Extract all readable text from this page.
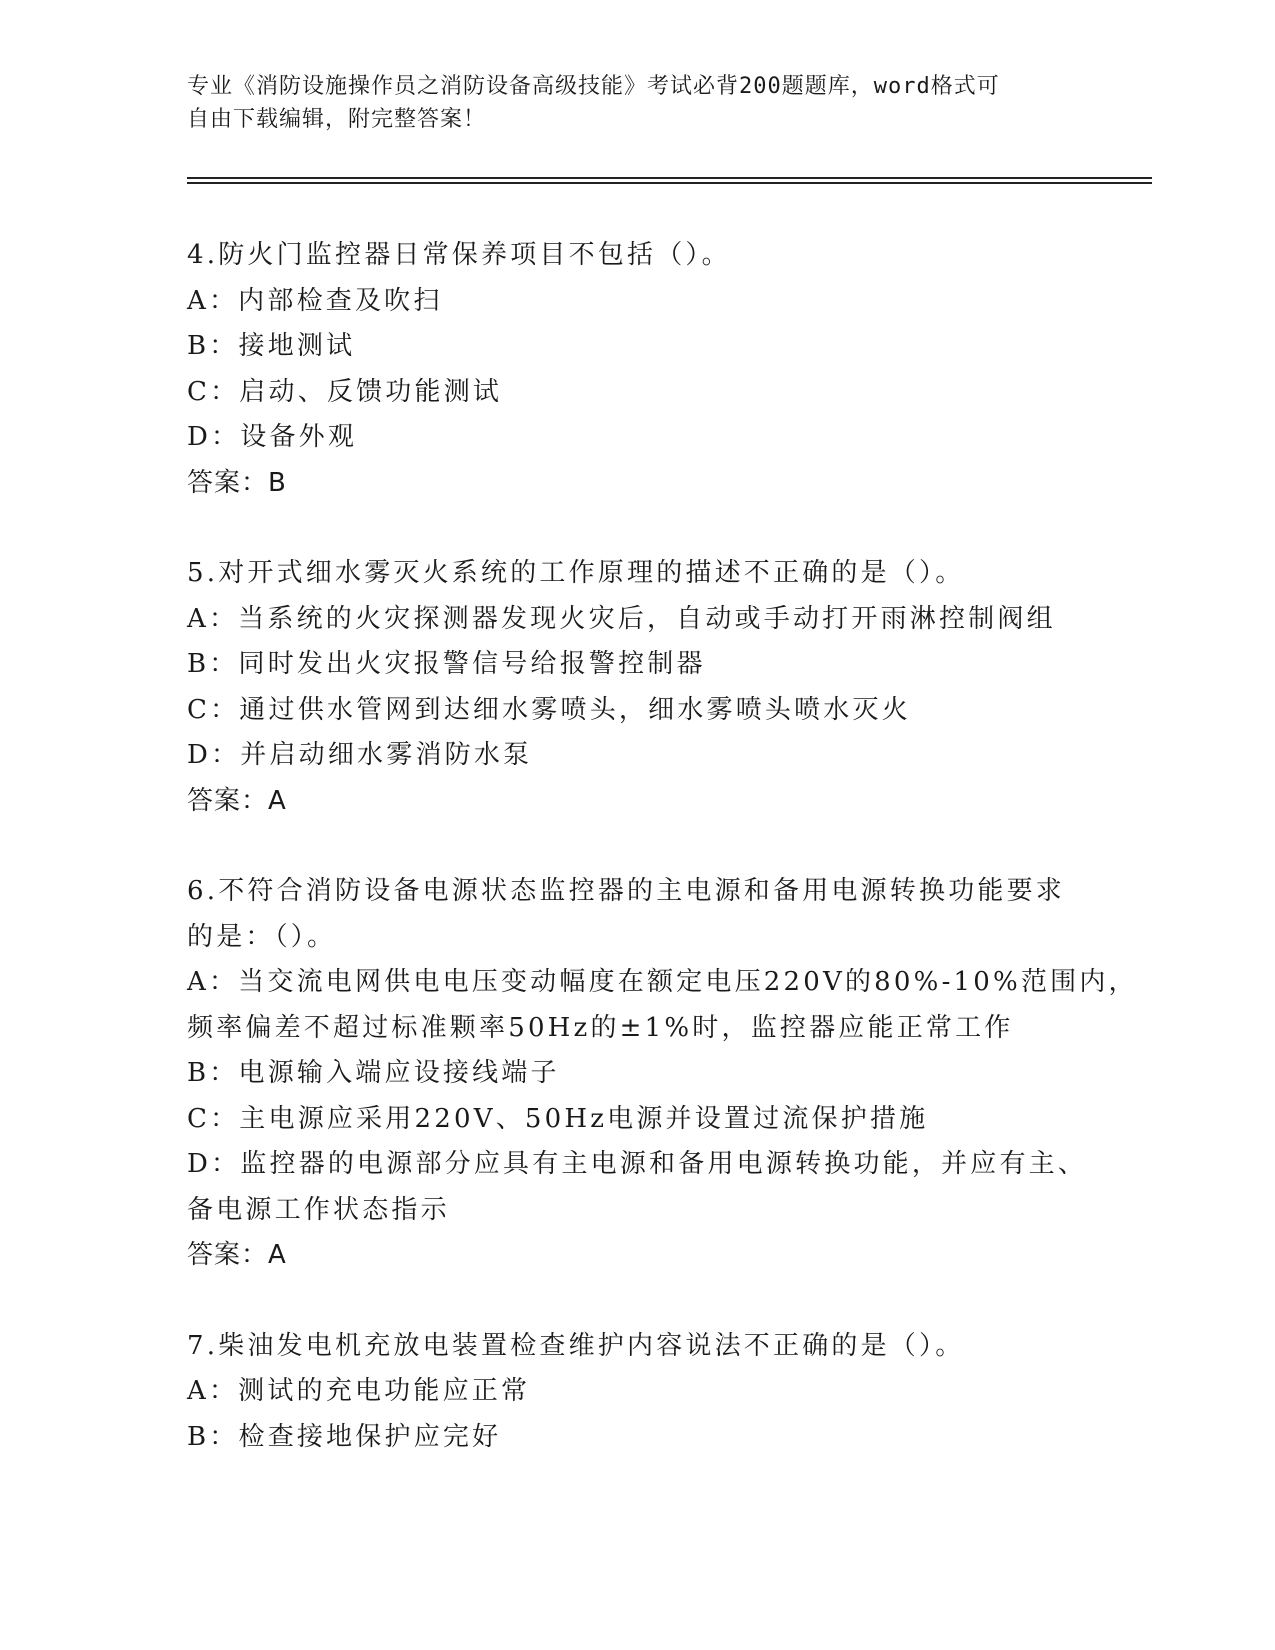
专业《消防设施操作员之消防设备高级技能》考试必背200题题库，word格式可
自由下载编辑，附完整答案！
4.防火门监控器日常保养项目不包括（）。
A：内部检查及吹扫
B：接地测试
C：启动、反馈功能测试
D：设备外观
答案：B
5.对开式细水雾灭火系统的工作原理的描述不正确的是（）。
A：当系统的火灾探测器发现火灾后，自动或手动打开雨淋控制阀组
B：同时发出火灾报警信号给报警控制器
C：通过供水管网到达细水雾喷头，细水雾喷头喷水灭火
D：并启动细水雾消防水泵
答案：A
6.不符合消防设备电源状态监控器的主电源和备用电源转换功能要求
的是：（）。
A：当交流电网供电电压变动幅度在额定电压220V的80%-10%范围内，
频率偏差不超过标准颗率50Hz的±1%时，监控器应能正常工作
B：电源输入端应设接线端子
C：主电源应采用220V、50Hz电源并设置过流保护措施
D：监控器的电源部分应具有主电源和备用电源转换功能，并应有主、
备电源工作状态指示
答案：A
7.柴油发电机充放电装置检查维护内容说法不正确的是（）。
A：测试的充电功能应正常
B：检查接地保护应完好
